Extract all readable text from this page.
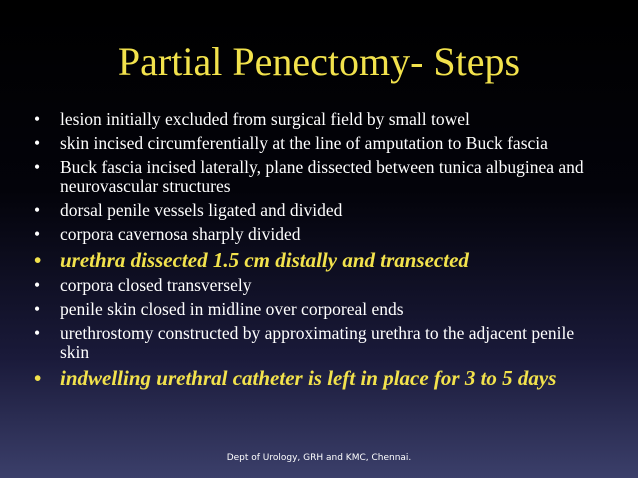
Partial Penectomy- Steps
• lesion initially excluded from surgical field by small towel
• skin incised circumferentially at the line of amputation to Buck fascia
• Buck fascia incised laterally, plane dissected between tunica albuginea and neurovascular structures
• dorsal penile vessels ligated and divided
• corpora cavernosa sharply divided
• urethra dissected 1.5 cm distally and transected
• corpora closed transversely
• penile skin closed in midline over corporeal ends
• urethrostomy constructed by approximating urethra to the adjacent penile skin
• indwelling urethral catheter is left in place for 3 to 5 days
Dept of Urology, GRH and KMC, Chennai.
